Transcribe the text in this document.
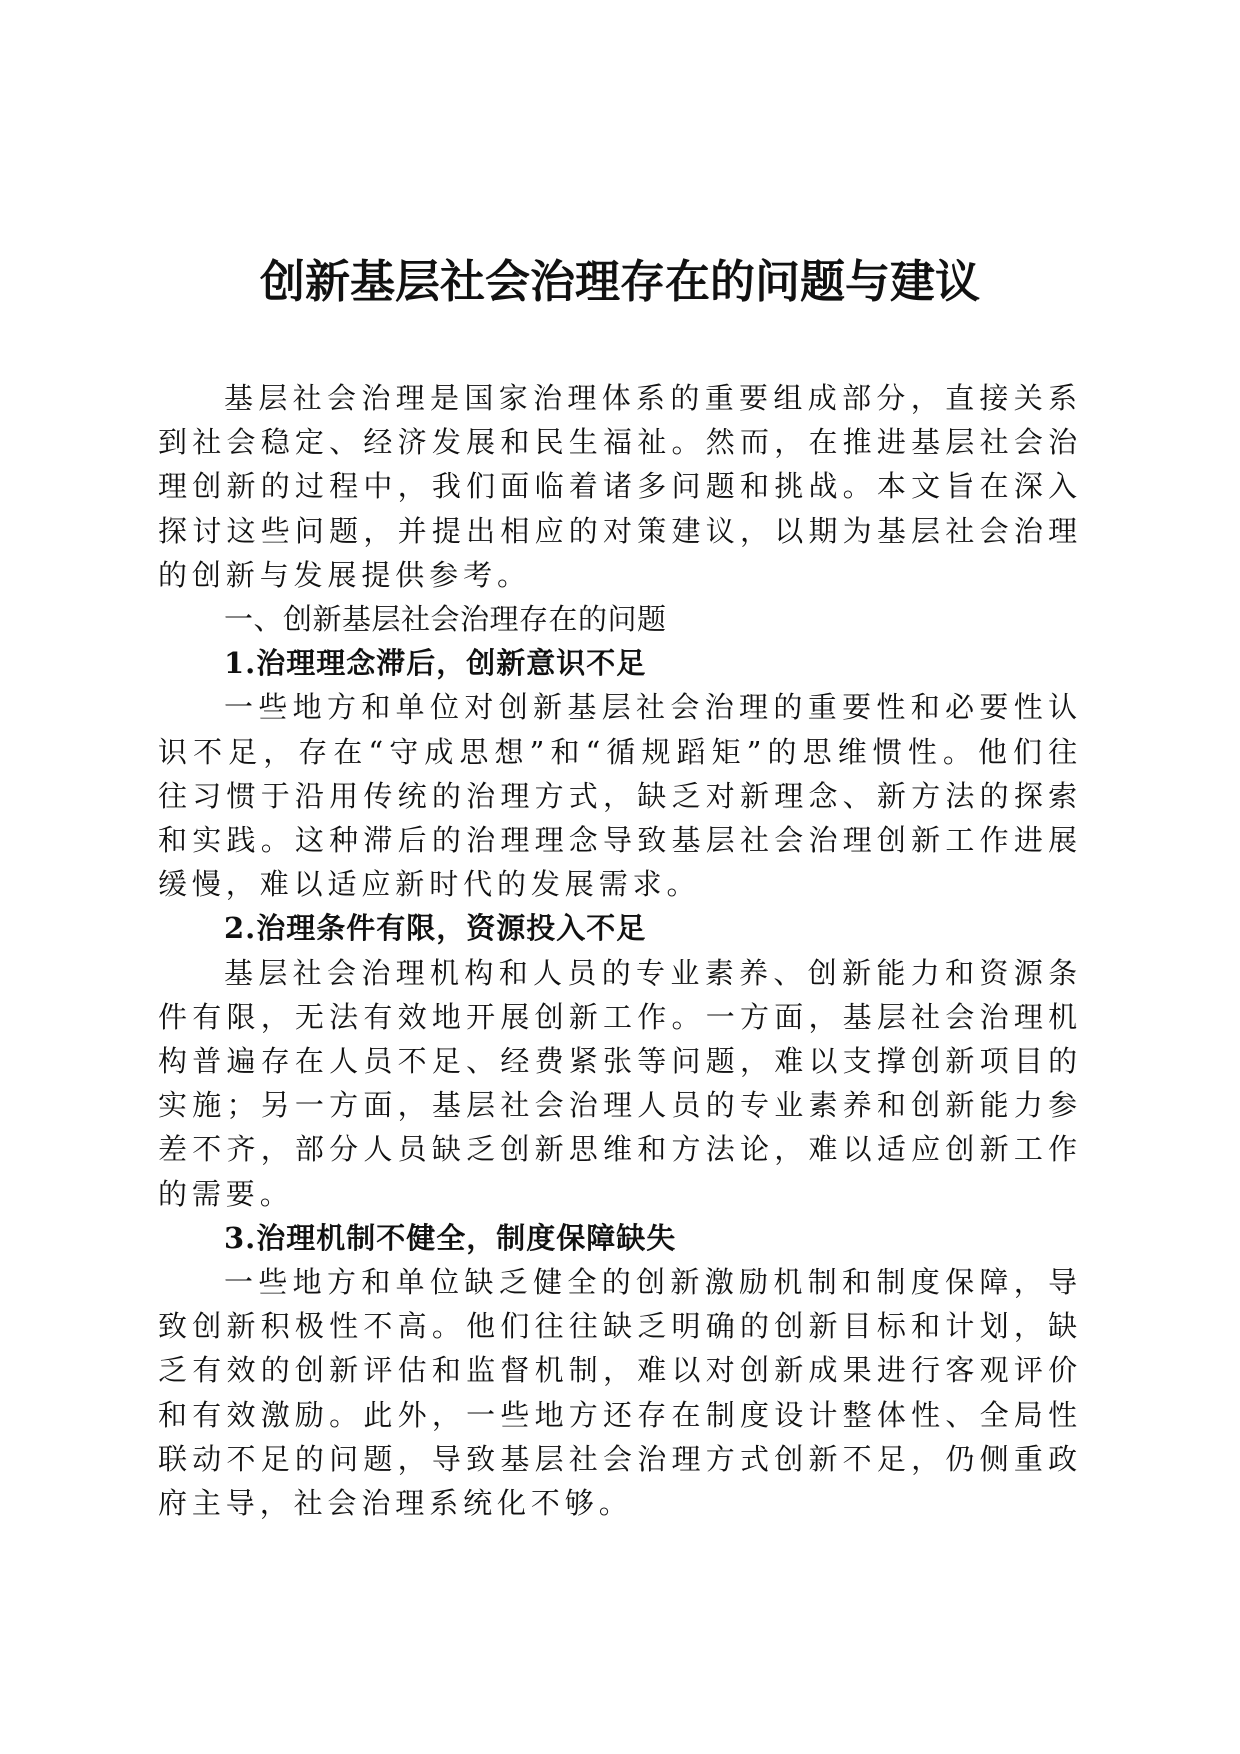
创新基层社会治理存在的问题与建议

基层社会治理是国家治理体系的重要组成部分，直接关系到社会稳定、经济发展和民生福祉。然而，在推进基层社会治理创新的过程中，我们面临着诸多问题和挑战。本文旨在深入探讨这些问题，并提出相应的对策建议，以期为基层社会治理的创新与发展提供参考。

一、创新基层社会治理存在的问题
1.治理理念滞后，创新意识不足

一些地方和单位对创新基层社会治理的重要性和必要性认识不足，存在“守成思想”和“循规蹈矩”的思维惯性。他们往往习惯于沿用传统的治理方式，缺乏对新理念、新方法的探索和实践。这种滞后的治理理念导致基层社会治理创新工作进展缓慢，难以适应新时代的发展需求。

2.治理条件有限，资源投入不足

基层社会治理机构和人员的专业素养、创新能力和资源条件有限，无法有效地开展创新工作。一方面，基层社会治理机构普遍存在人员不足、经费紧张等问题，难以支撑创新项目的实施；另一方面，基层社会治理人员的专业素养和创新能力参差不齐，部分人员缺乏创新思维和方法论，难以适应创新工作的需要。

3.治理机制不健全，制度保障缺失

一些地方和单位缺乏健全的创新激励机制和制度保障，导致创新积极性不高。他们往往缺乏明确的创新目标和计划，缺乏有效的创新评估和监督机制，难以对创新成果进行客观评价和有效激励。此外，一些地方还存在制度设计整体性、全局性联动不足的问题，导致基层社会治理方式创新不足，仍侧重政府主导，社会治理系统化不够。
